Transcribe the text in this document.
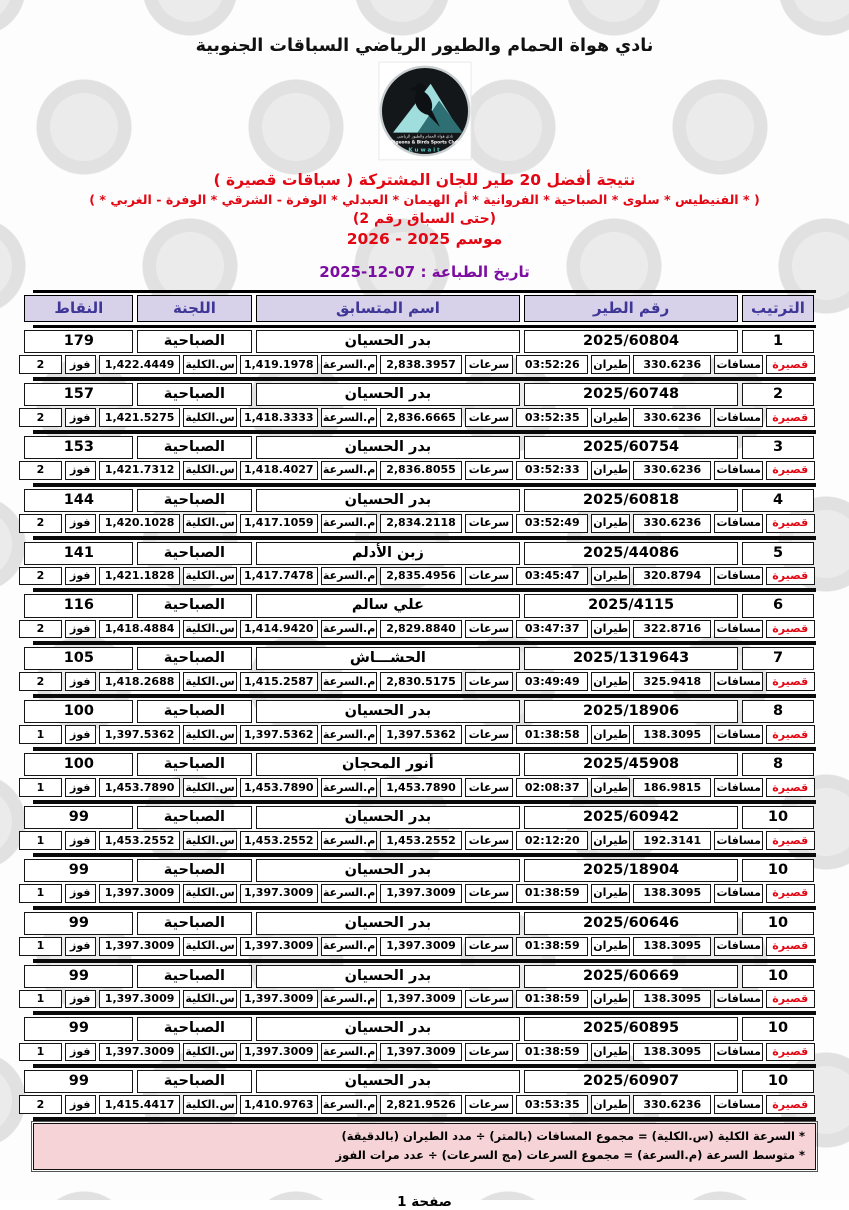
نادي هواة الحمام والطيور الرياضي السباقات الجنوبية
نادي هواة الحمام والطيور الرياضي
Pigeons & Birds Sports Club
Kuwait
نتيجة أفضل 20 طير للجان المشتركة ( سباقات قصيرة )
( * الفنيطيس * سلوى * الصباحية * الفروانية * أم الهيمان * العبدلي * الوفرة - الشرقي * الوفرة - الغربي * )
(حتى السباق رقم 2)
موسم 2025 - 2026
تاريخ الطباعة : 07-12-2025
الترتيب
رقم الطير
اسم المتسابق
اللجنة
النقاط
1
2025/60804
بدر الحسيان
الصباحية
179
قصيرة
مسافات
330.6236
طيران
03:52:26
سرعات
2,838.3957
م.السرعة
1,419.1978
س.الكلية
1,422.4449
فوز
2
2
2025/60748
بدر الحسيان
الصباحية
157
قصيرة
مسافات
330.6236
طيران
03:52:35
سرعات
2,836.6665
م.السرعة
1,418.3333
س.الكلية
1,421.5275
فوز
2
3
2025/60754
بدر الحسيان
الصباحية
153
قصيرة
مسافات
330.6236
طيران
03:52:33
سرعات
2,836.8055
م.السرعة
1,418.4027
س.الكلية
1,421.7312
فوز
2
4
2025/60818
بدر الحسيان
الصباحية
144
قصيرة
مسافات
330.6236
طيران
03:52:49
سرعات
2,834.2118
م.السرعة
1,417.1059
س.الكلية
1,420.1028
فوز
2
5
2025/44086
زبن الأدلم
الصباحية
141
قصيرة
مسافات
320.8794
طيران
03:45:47
سرعات
2,835.4956
م.السرعة
1,417.7478
س.الكلية
1,421.1828
فوز
2
6
2025/4115
علي سالم
الصباحية
116
قصيرة
مسافات
322.8716
طيران
03:47:37
سرعات
2,829.8840
م.السرعة
1,414.9420
س.الكلية
1,418.4884
فوز
2
7
2025/1319643
الحشـــاش
الصباحية
105
قصيرة
مسافات
325.9418
طيران
03:49:49
سرعات
2,830.5175
م.السرعة
1,415.2587
س.الكلية
1,418.2688
فوز
2
8
2025/18906
بدر الحسيان
الصباحية
100
قصيرة
مسافات
138.3095
طيران
01:38:58
سرعات
1,397.5362
م.السرعة
1,397.5362
س.الكلية
1,397.5362
فوز
1
8
2025/45908
أنور المحجان
الصباحية
100
قصيرة
مسافات
186.9815
طيران
02:08:37
سرعات
1,453.7890
م.السرعة
1,453.7890
س.الكلية
1,453.7890
فوز
1
10
2025/60942
بدر الحسيان
الصباحية
99
قصيرة
مسافات
192.3141
طيران
02:12:20
سرعات
1,453.2552
م.السرعة
1,453.2552
س.الكلية
1,453.2552
فوز
1
10
2025/18904
بدر الحسيان
الصباحية
99
قصيرة
مسافات
138.3095
طيران
01:38:59
سرعات
1,397.3009
م.السرعة
1,397.3009
س.الكلية
1,397.3009
فوز
1
10
2025/60646
بدر الحسيان
الصباحية
99
قصيرة
مسافات
138.3095
طيران
01:38:59
سرعات
1,397.3009
م.السرعة
1,397.3009
س.الكلية
1,397.3009
فوز
1
10
2025/60669
بدر الحسيان
الصباحية
99
قصيرة
مسافات
138.3095
طيران
01:38:59
سرعات
1,397.3009
م.السرعة
1,397.3009
س.الكلية
1,397.3009
فوز
1
10
2025/60895
بدر الحسيان
الصباحية
99
قصيرة
مسافات
138.3095
طيران
01:38:59
سرعات
1,397.3009
م.السرعة
1,397.3009
س.الكلية
1,397.3009
فوز
1
10
2025/60907
بدر الحسيان
الصباحية
99
قصيرة
مسافات
330.6236
طيران
03:53:35
سرعات
2,821.9526
م.السرعة
1,410.9763
س.الكلية
1,415.4417
فوز
2
* السرعة الكلية (س.الكلية) = مجموع المسافات (بالمتر) ÷ مدد الطيران (بالدقيقة)
* متوسط السرعة (م.السرعة) = مجموع السرعات (مج السرعات) ÷ عدد مرات الفوز
صفحة 1
